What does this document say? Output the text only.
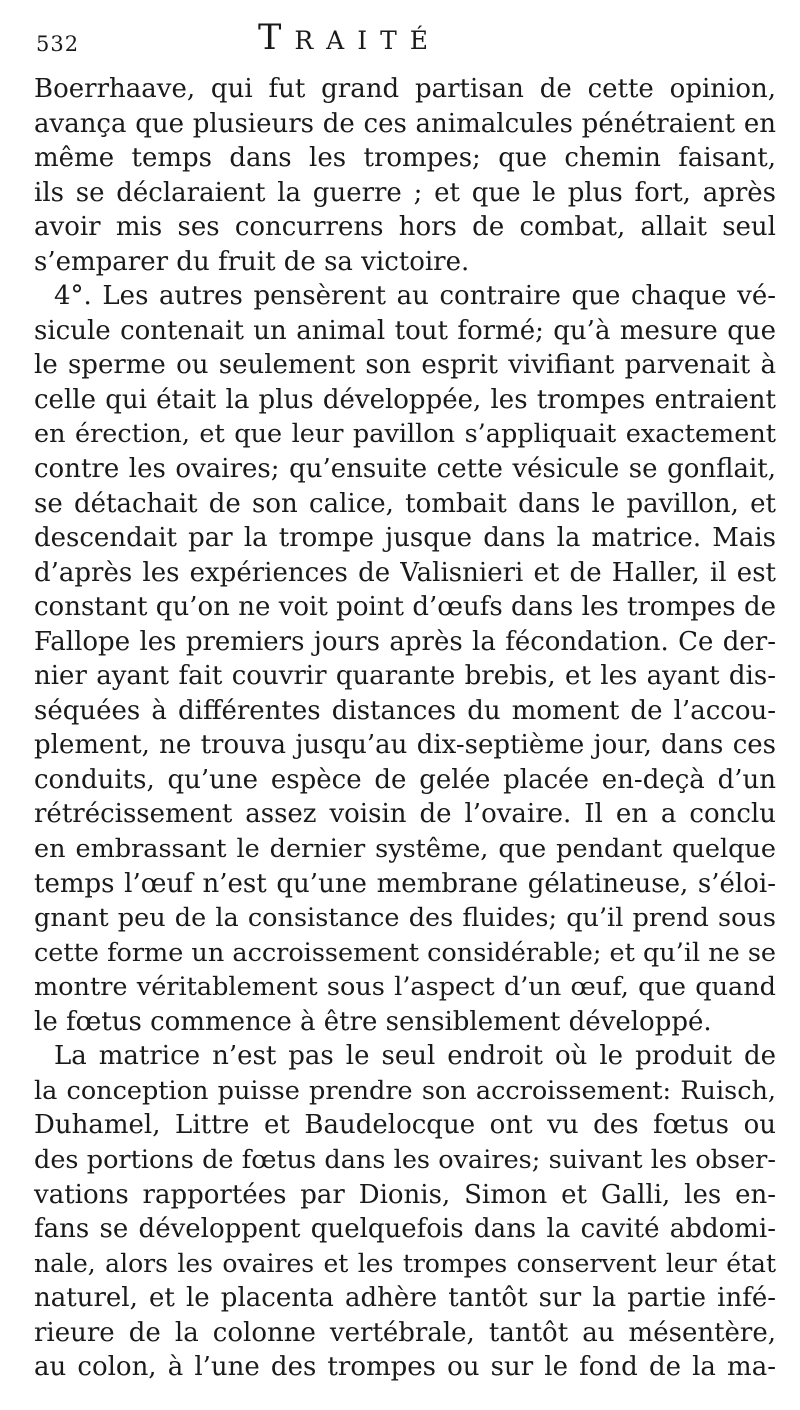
532	Traité
Boerrhaave, qui fut grand partisan de cette opinion,
avança que plusieurs de ces animalcules pénétraient en
même temps dans les trompes; que chemin faisant,
ils se déclaraient la guerre ; et que le plus fort, après
avoir mis ses concurrens hors de combat, allait seul
s’emparer du fruit de sa victoire.
4°. Les autres pensèrent au contraire que chaque vé-
sicule contenait un animal tout formé; qu’à mesure que
le sperme ou seulement son esprit vivifiant parvenait à
celle qui était la plus développée, les trompes entraient
en érection, et que leur pavillon s’appliquait exactement
contre les ovaires; qu’ensuite cette vésicule se gonflait,
se détachait de son calice, tombait dans le pavillon, et
descendait par la trompe jusque dans la matrice. Mais
d’après les expériences de Valisnieri et de Haller, il est
constant qu’on ne voit point d’œufs dans les trompes de
Fallope les premiers jours après la fécondation. Ce der-
nier ayant fait couvrir quarante brebis, et les ayant dis-
séquées à différentes distances du moment de l’accou-
plement, ne trouva jusqu’au dix-septième jour, dans ces
conduits, qu’une espèce de gelée placée en-deçà d’un
rétrécissement assez voisin de l’ovaire. Il en a conclu
en embrassant le dernier systême, que pendant quelque
temps l’œuf n’est qu’une membrane gélatineuse, s’éloi-
gnant peu de la consistance des fluides; qu’il prend sous
cette forme un accroissement considérable; et qu’il ne se
montre véritablement sous l’aspect d’un œuf, que quand
le fœtus commence à être sensiblement développé.
La matrice n’est pas le seul endroit où le produit de
la conception puisse prendre son accroissement: Ruisch,
Duhamel, Littre et Baudelocque ont vu des fœtus ou
des portions de fœtus dans les ovaires; suivant les obser-
vations rapportées par Dionis, Simon et Galli, les en-
fans se développent quelquefois dans la cavité abdomi-
nale, alors les ovaires et les trompes conservent leur état
naturel, et le placenta adhère tantôt sur la partie infé-
rieure de la colonne vertébrale, tantôt au mésentère,
au colon, à l’une des trompes ou sur le fond de la ma-
